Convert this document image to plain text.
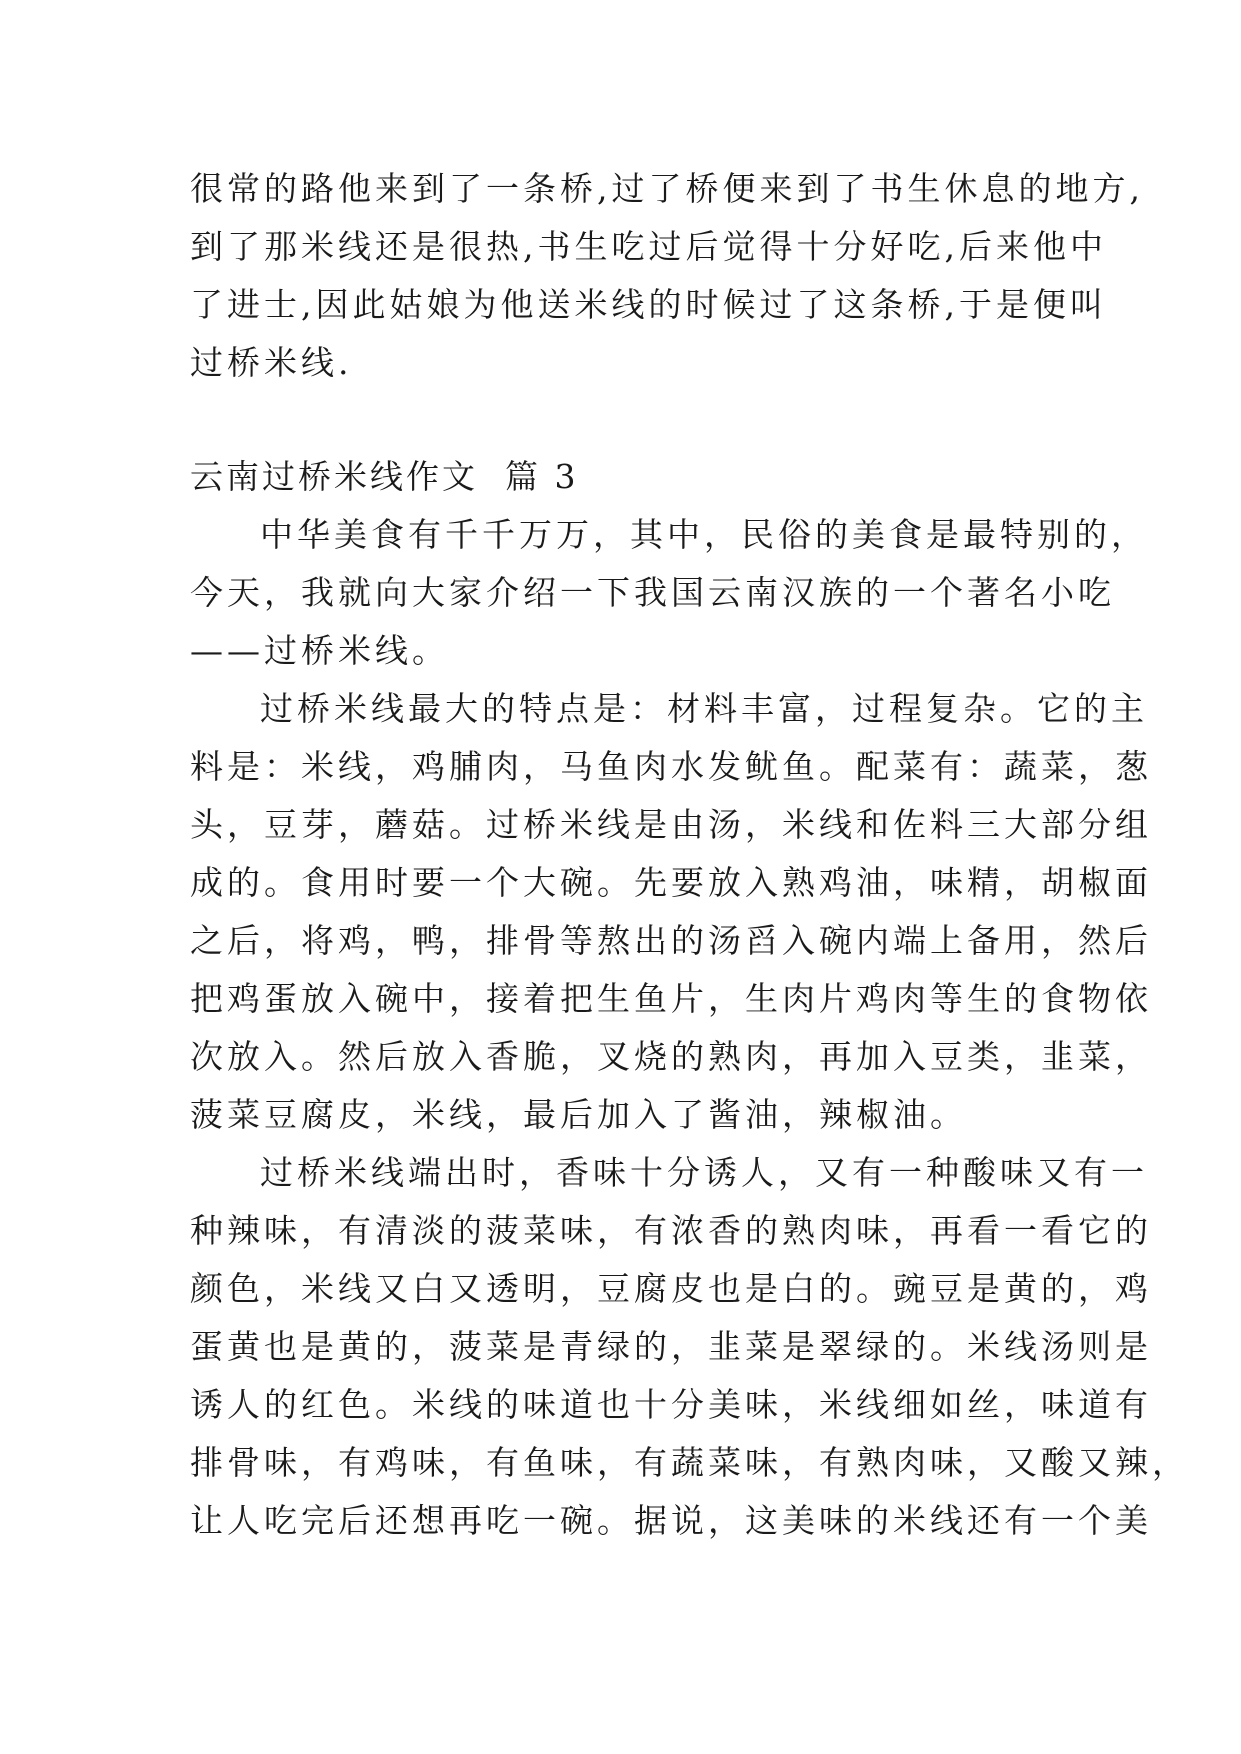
很常的路他来到了一条桥,过了桥便来到了书生休息的地方,
到了那米线还是很热,书生吃过后觉得十分好吃,后来他中
了进士,因此姑娘为他送米线的时候过了这条桥,于是便叫
过桥米线.
云南过桥米线作文  篇 3
中华美食有千千万万，其中，民俗的美食是最特别的，
今天，我就向大家介绍一下我国云南汉族的一个著名小吃
——过桥米线。
过桥米线最大的特点是：材料丰富，过程复杂。它的主
料是：米线，鸡脯肉，马鱼肉水发鱿鱼。配菜有：蔬菜，葱
头，豆芽，蘑菇。过桥米线是由汤，米线和佐料三大部分组
成的。食用时要一个大碗。先要放入熟鸡油，味精，胡椒面
之后，将鸡，鸭，排骨等熬出的汤舀入碗内端上备用，然后
把鸡蛋放入碗中，接着把生鱼片，生肉片鸡肉等生的食物依
次放入。然后放入香脆，叉烧的熟肉，再加入豆类，韭菜，
菠菜豆腐皮，米线，最后加入了酱油，辣椒油。
过桥米线端出时，香味十分诱人，又有一种酸味又有一
种辣味，有清淡的菠菜味，有浓香的熟肉味，再看一看它的
颜色，米线又白又透明，豆腐皮也是白的。豌豆是黄的，鸡
蛋黄也是黄的，菠菜是青绿的，韭菜是翠绿的。米线汤则是
诱人的红色。米线的味道也十分美味，米线细如丝，味道有
排骨味，有鸡味，有鱼味，有蔬菜味，有熟肉味，又酸又辣，
让人吃完后还想再吃一碗。据说，这美味的米线还有一个美
